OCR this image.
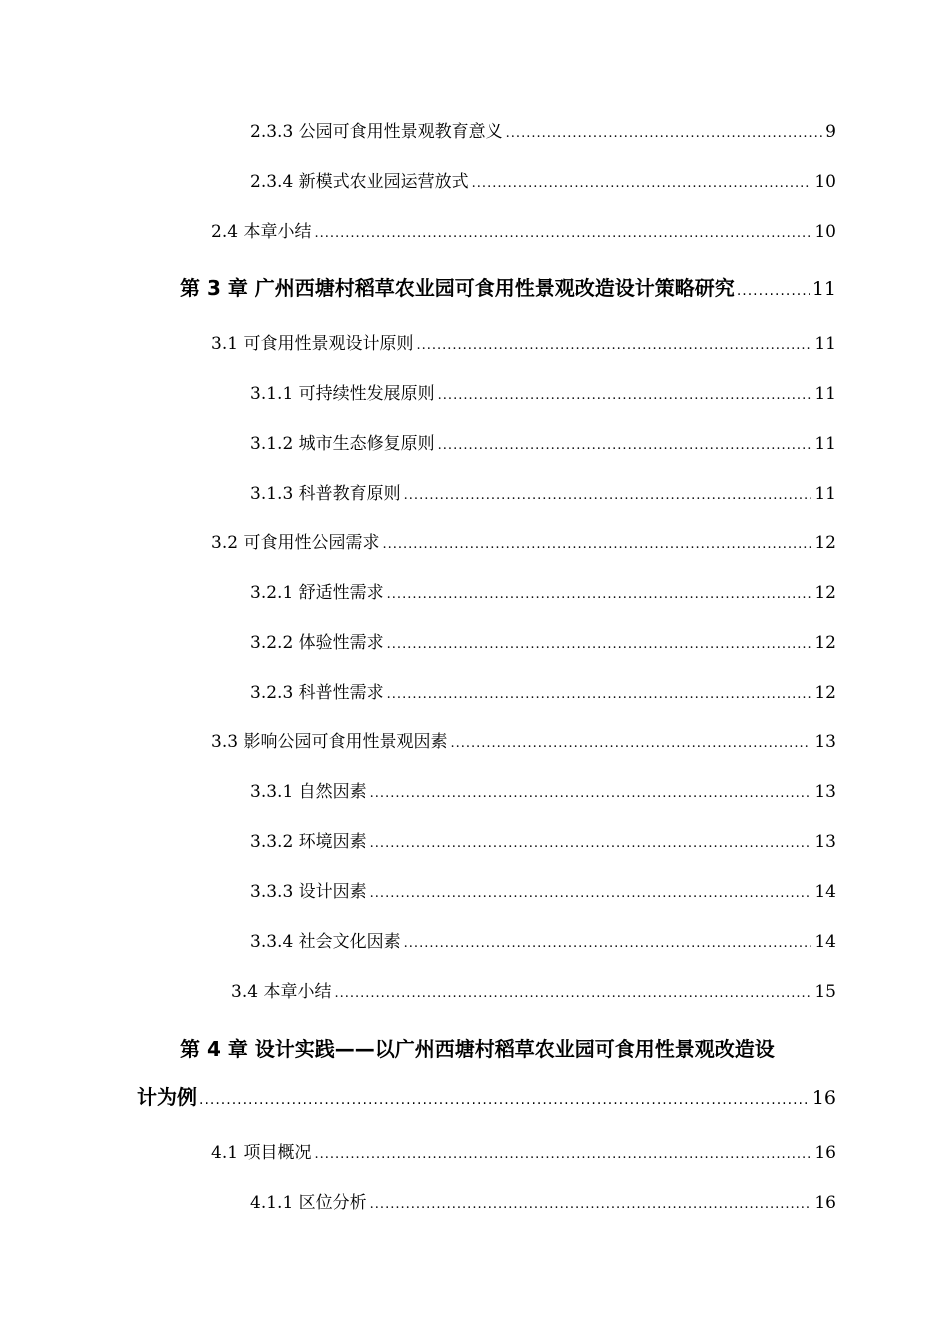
2.3.3 公园可食用性景观教育意义 .....	9
2.3.4 新模式农业园运营放式 .....	10
2.4 本章小结 .....	10
第 3 章 广州西塘村稻草农业园可食用性景观改造设计策略研究 .....	11
3.1 可食用性景观设计原则 .....	11
3.1.1 可持续性发展原则 .....	11
3.1.2 城市生态修复原则 .....	11
3.1.3 科普教育原则 .....	11
3.2 可食用性公园需求 .....	12
3.2.1 舒适性需求 .....	12
3.2.2 体验性需求 .....	12
3.2.3 科普性需求 .....	12
3.3 影响公园可食用性景观因素 .....	13
3.3.1 自然因素 .....	13
3.3.2 环境因素 .....	13
3.3.3 设计因素 .....	14
3.3.4 社会文化因素 .....	14
3.4 本章小结 .....	15
第 4 章 设计实践——以广州西塘村稻草农业园可食用性景观改造设
计为例 .....	16
4.1 项目概况 .....	16
4.1.1 区位分析 .....	16
